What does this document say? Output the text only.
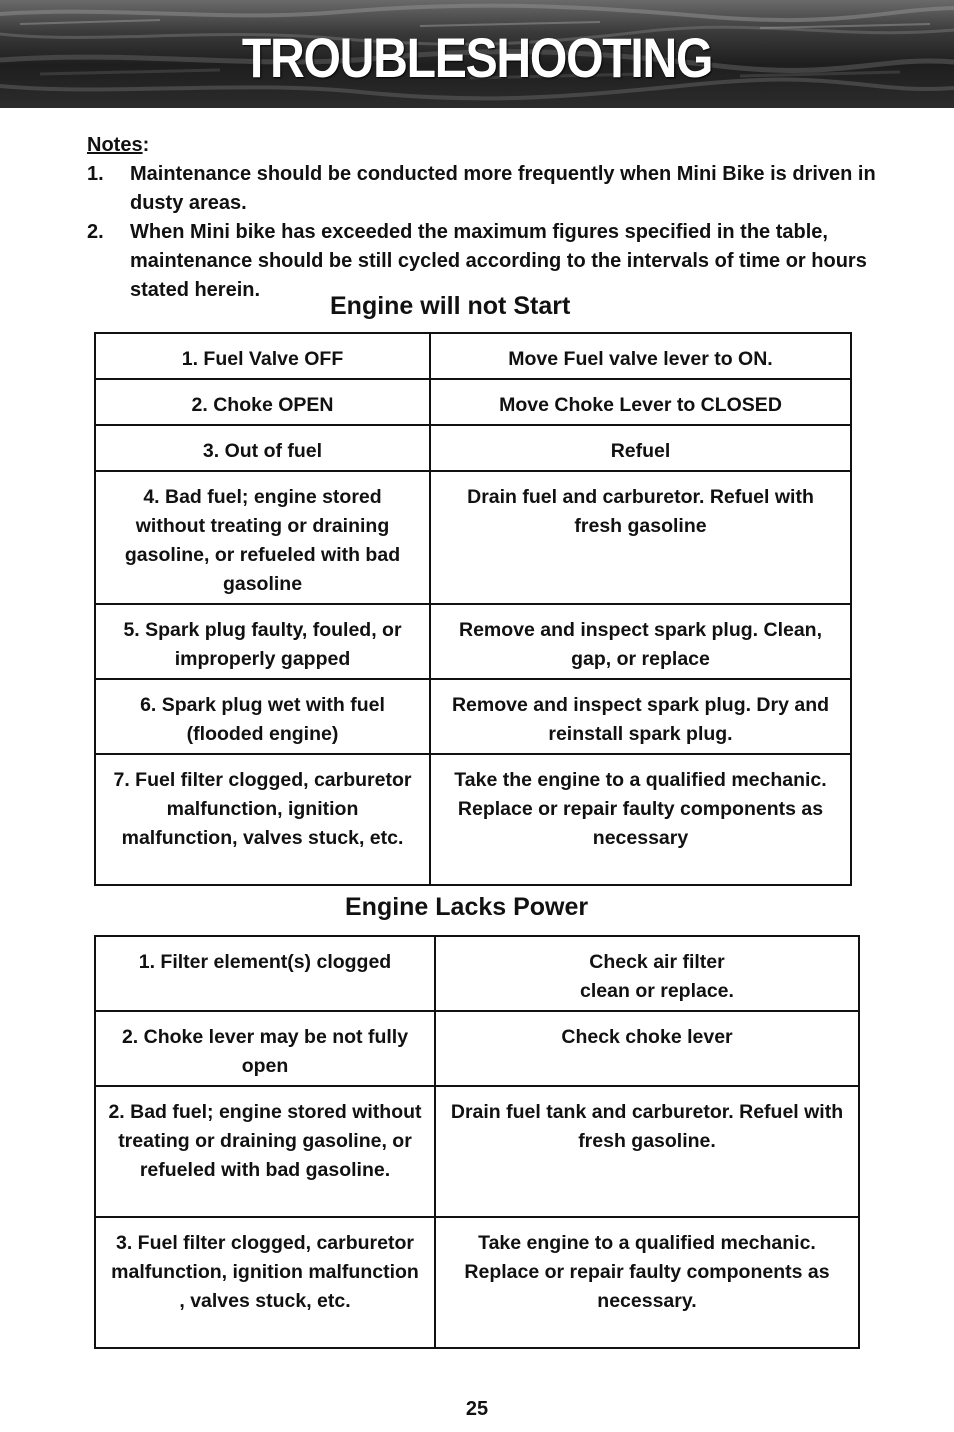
TROUBLESHOOTING
Notes:
1.	Maintenance should be conducted more frequently when Mini Bike is driven in dusty areas.
2.	When Mini bike has exceeded the maximum figures specified in the table, maintenance should be still cycled according to the intervals of time or hours stated herein.
Engine will not Start
1. Fuel Valve OFF	Move Fuel valve lever to ON.
2. Choke OPEN	Move Choke Lever to CLOSED
3. Out of fuel	Refuel
4. Bad fuel; engine stored without treating or draining gasoline, or refueled with bad gasoline	Drain fuel and carburetor. Refuel with fresh gasoline
5. Spark plug faulty, fouled, or improperly gapped	Remove and inspect spark plug. Clean, gap, or replace
6. Spark plug wet with fuel (flooded engine)	Remove and inspect spark plug. Dry and reinstall spark plug.
7. Fuel filter clogged, carburetor malfunction, ignition malfunction, valves stuck, etc.	Take the engine to a qualified mechanic. Replace or repair faulty components as necessary
Engine Lacks Power
1. Filter element(s) clogged	Check air filter clean or replace.
2. Choke lever may be not fully open	Check choke lever
2. Bad fuel; engine stored without treating or draining gasoline, or refueled with bad gasoline.	Drain fuel tank and carburetor. Refuel with fresh gasoline.
3. Fuel filter clogged, carburetor malfunction, ignition malfunction , valves stuck, etc.	Take engine to a qualified mechanic. Replace or repair faulty components as necessary.
25
